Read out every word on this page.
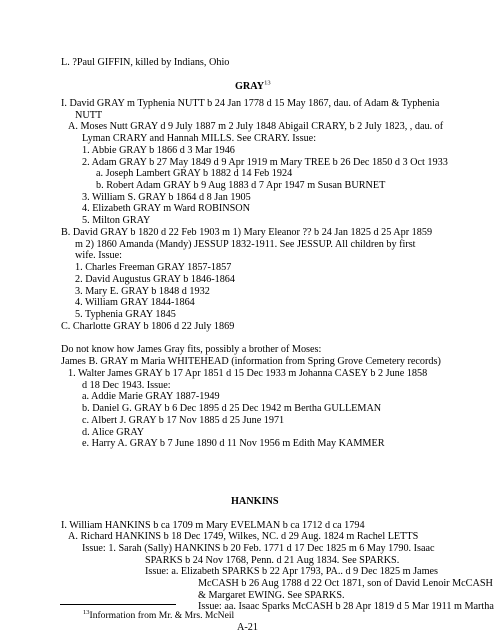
L. ?Paul GIFFIN, killed by Indians, Ohio
GRAY$^{13}$
I. David GRAY m Typhenia NUTT b 24 Jan 1778 d 15 May 1867, dau. of Adam & Typhenia
NUTT
A. Moses Nutt GRAY d 9 July 1887 m 2 July 1848 Abigail CRARY, b 2 July 1823, , dau. of
Lyman CRARY and Hannah MILLS. See CRARY. Issue:
1. Abbie GRAY b 1866 d 3 Mar 1946
2. Adam GRAY b 27 May 1849 d 9 Apr 1919 m Mary TREE b 26 Dec 1850 d 3 Oct 1933
a. Joseph Lambert GRAY b 1882 d 14 Feb 1924
b. Robert Adam GRAY b 9 Aug 1883 d 7 Apr 1947 m Susan BURNET
3. William S. GRAY b 1864 d 8 Jan 1905
4. Elizabeth GRAY m Ward ROBINSON
5. Milton GRAY
B. David GRAY b 1820 d 22 Feb 1903 m 1) Mary Eleanor ?? b 24 Jan 1825 d 25 Apr 1859
m 2) 1860 Amanda (Mandy) JESSUP 1832-1911. See JESSUP. All children by first
wife. Issue:
1. Charles Freeman GRAY 1857-1857
2. David Augustus GRAY b 1846-1864
3. Mary E. GRAY b 1848 d 1932
4. William GRAY 1844-1864
5. Typhenia GRAY 1845
C. Charlotte GRAY b 1806 d 22 July 1869
Do not know how James Gray fits, possibly a brother of Moses:
James B. GRAY m Maria WHITEHEAD (information from Spring Grove Cemetery records)
1. Walter James GRAY b 17 Apr 1851 d 15 Dec 1933 m Johanna CASEY b 2 June 1858
d 18 Dec 1943. Issue:
a. Addie Marie GRAY 1887-1949
b. Daniel G. GRAY b 6 Dec 1895 d 25 Dec 1942 m Bertha GULLEMAN
c. Albert J. GRAY b 17 Nov 1885 d 25 June 1971
d. Alice GRAY
e. Harry A. GRAY b 7 June 1890 d 11 Nov 1956 m Edith May KAMMER
HANKINS
I. William HANKINS b ca 1709 m Mary EVELMAN b ca 1712 d ca 1794
A. Richard HANKINS b 18 Dec 1749, Wilkes, NC. d 29 Aug. 1824 m Rachel LETTS
Issue: 1. Sarah (Sally) HANKINS b 20 Feb. 1771 d 17 Dec 1825 m 6 May 1790. Isaac
SPARKS b 24 Nov 1768, Penn. d 21 Aug 1834. See SPARKS.
Issue: a. Elizabeth SPARKS b 22 Apr 1793, PA.. d 9 Dec 1825 m James
McCASH b 26 Aug 1788 d 22 Oct 1871, son of David Lenoir McCASH
& Margaret EWING. See SPARKS.
Issue: aa. Isaac Sparks McCASH b 28 Apr 1819 d 5 Mar 1911 m Martha
$^{13}$Information from Mr. & Mrs. McNeil
A-21
